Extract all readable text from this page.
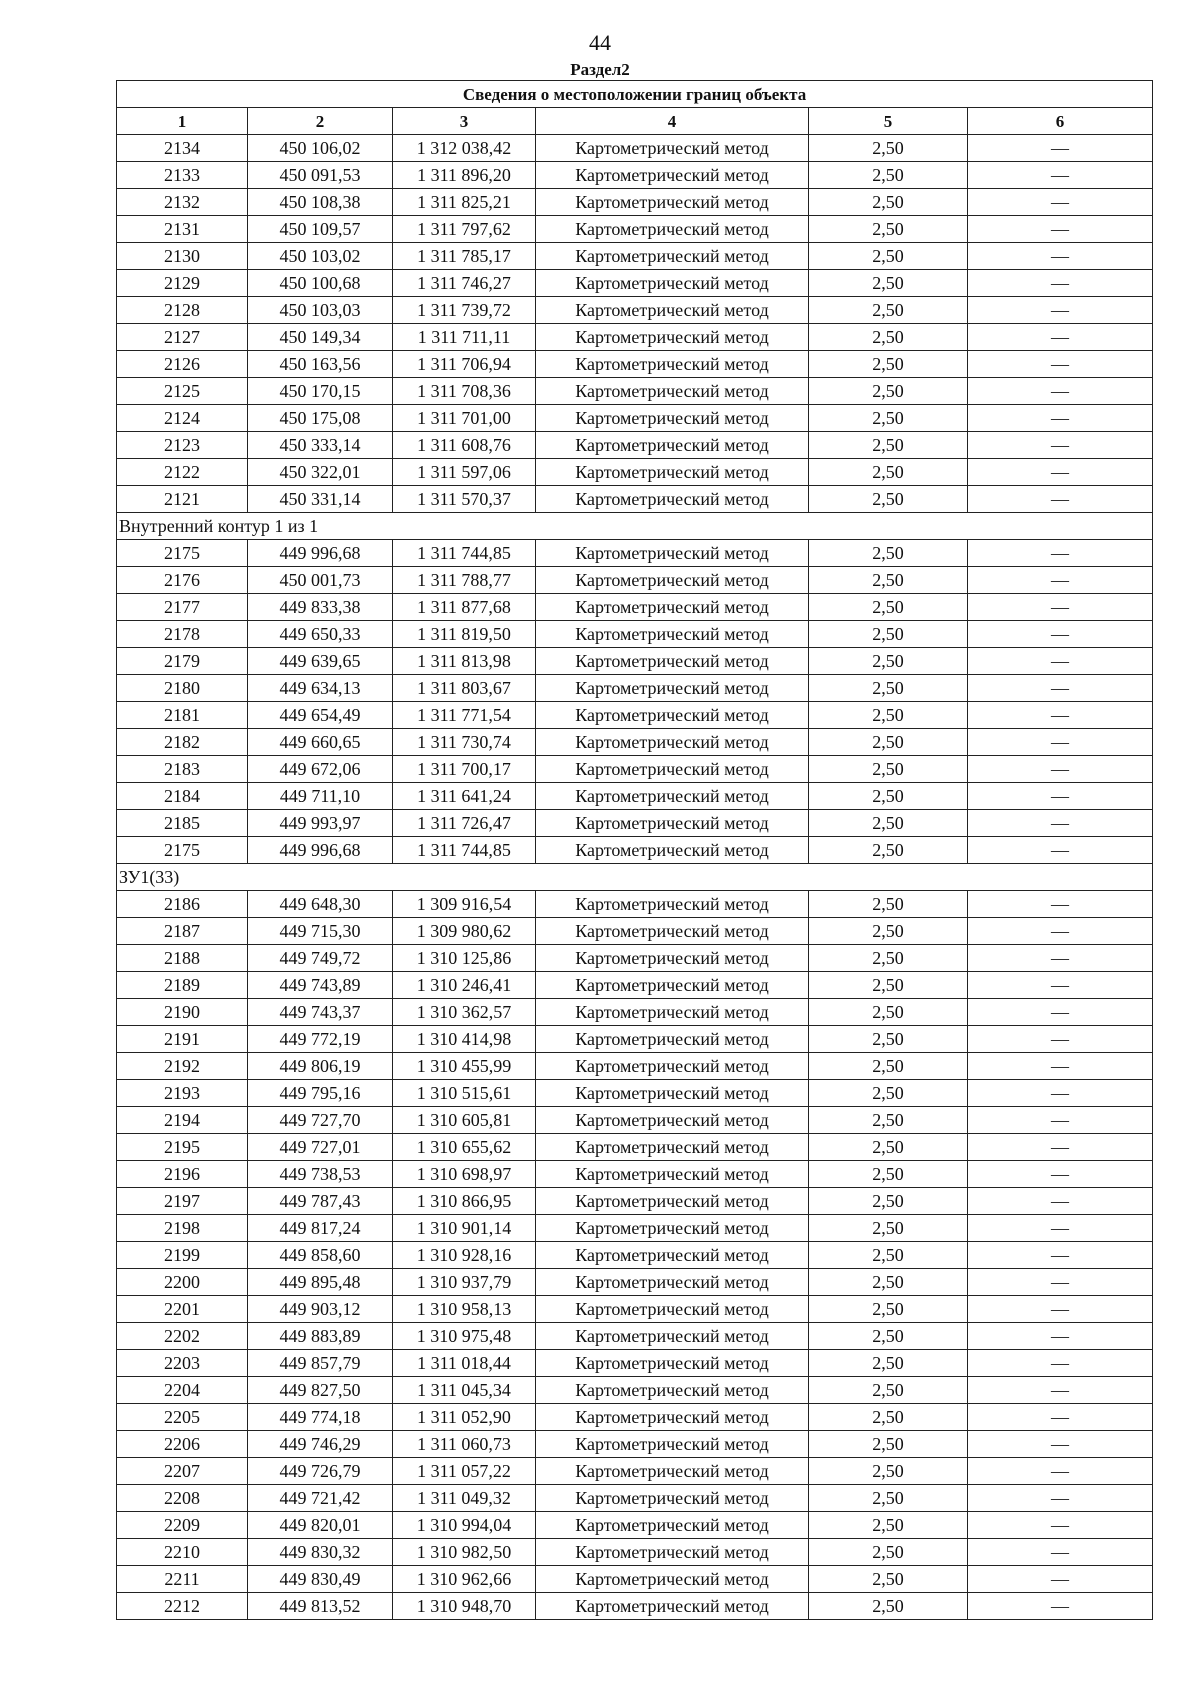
44
Раздел2
Сведения о местоположении границ объекта					
1	2	3	4	5	6
2134	450 106,02	1 312 038,42	Картометрический метод	2,50	—
2133	450 091,53	1 311 896,20	Картометрический метод	2,50	—
2132	450 108,38	1 311 825,21	Картометрический метод	2,50	—
2131	450 109,57	1 311 797,62	Картометрический метод	2,50	—
2130	450 103,02	1 311 785,17	Картометрический метод	2,50	—
2129	450 100,68	1 311 746,27	Картометрический метод	2,50	—
2128	450 103,03	1 311 739,72	Картометрический метод	2,50	—
2127	450 149,34	1 311 711,11	Картометрический метод	2,50	—
2126	450 163,56	1 311 706,94	Картометрический метод	2,50	—
2125	450 170,15	1 311 708,36	Картометрический метод	2,50	—
2124	450 175,08	1 311 701,00	Картометрический метод	2,50	—
2123	450 333,14	1 311 608,76	Картометрический метод	2,50	—
2122	450 322,01	1 311 597,06	Картометрический метод	2,50	—
2121	450 331,14	1 311 570,37	Картометрический метод	2,50	—
Внутренний контур 1 из 1					
2175	449 996,68	1 311 744,85	Картометрический метод	2,50	—
2176	450 001,73	1 311 788,77	Картометрический метод	2,50	—
2177	449 833,38	1 311 877,68	Картометрический метод	2,50	—
2178	449 650,33	1 311 819,50	Картометрический метод	2,50	—
2179	449 639,65	1 311 813,98	Картометрический метод	2,50	—
2180	449 634,13	1 311 803,67	Картометрический метод	2,50	—
2181	449 654,49	1 311 771,54	Картометрический метод	2,50	—
2182	449 660,65	1 311 730,74	Картометрический метод	2,50	—
2183	449 672,06	1 311 700,17	Картометрический метод	2,50	—
2184	449 711,10	1 311 641,24	Картометрический метод	2,50	—
2185	449 993,97	1 311 726,47	Картометрический метод	2,50	—
2175	449 996,68	1 311 744,85	Картометрический метод	2,50	—
ЗУ1(33)					
2186	449 648,30	1 309 916,54	Картометрический метод	2,50	—
2187	449 715,30	1 309 980,62	Картометрический метод	2,50	—
2188	449 749,72	1 310 125,86	Картометрический метод	2,50	—
2189	449 743,89	1 310 246,41	Картометрический метод	2,50	—
2190	449 743,37	1 310 362,57	Картометрический метод	2,50	—
2191	449 772,19	1 310 414,98	Картометрический метод	2,50	—
2192	449 806,19	1 310 455,99	Картометрический метод	2,50	—
2193	449 795,16	1 310 515,61	Картометрический метод	2,50	—
2194	449 727,70	1 310 605,81	Картометрический метод	2,50	—
2195	449 727,01	1 310 655,62	Картометрический метод	2,50	—
2196	449 738,53	1 310 698,97	Картометрический метод	2,50	—
2197	449 787,43	1 310 866,95	Картометрический метод	2,50	—
2198	449 817,24	1 310 901,14	Картометрический метод	2,50	—
2199	449 858,60	1 310 928,16	Картометрический метод	2,50	—
2200	449 895,48	1 310 937,79	Картометрический метод	2,50	—
2201	449 903,12	1 310 958,13	Картометрический метод	2,50	—
2202	449 883,89	1 310 975,48	Картометрический метод	2,50	—
2203	449 857,79	1 311 018,44	Картометрический метод	2,50	—
2204	449 827,50	1 311 045,34	Картометрический метод	2,50	—
2205	449 774,18	1 311 052,90	Картометрический метод	2,50	—
2206	449 746,29	1 311 060,73	Картометрический метод	2,50	—
2207	449 726,79	1 311 057,22	Картометрический метод	2,50	—
2208	449 721,42	1 311 049,32	Картометрический метод	2,50	—
2209	449 820,01	1 310 994,04	Картометрический метод	2,50	—
2210	449 830,32	1 310 982,50	Картометрический метод	2,50	—
2211	449 830,49	1 310 962,66	Картометрический метод	2,50	—
2212	449 813,52	1 310 948,70	Картометрический метод	2,50	—
